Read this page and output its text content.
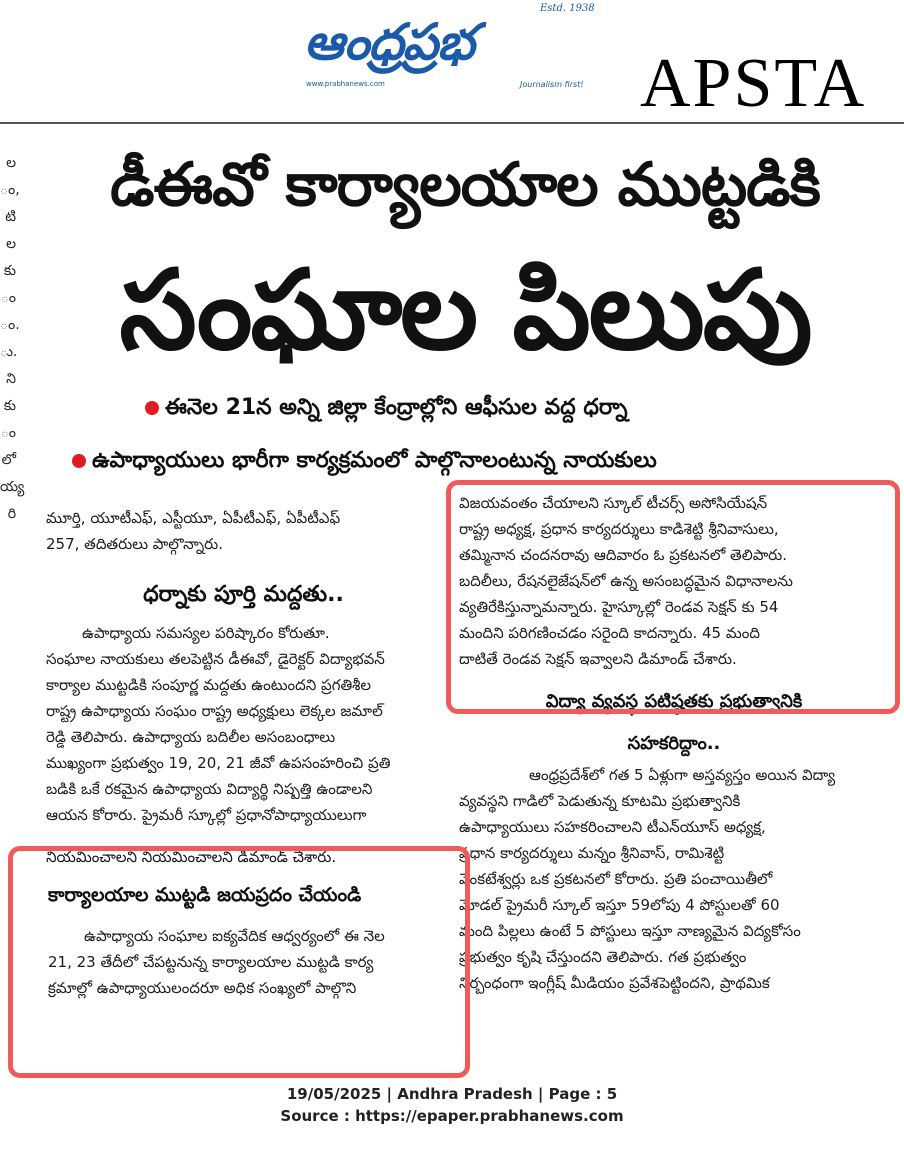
Estd. 1938
ఆంధ్రప్రభ
www.prabhanews.com	Journalism first! APSTA
ల
ం,
టి
ల
కు
ం
ం.
ు.
ని
కు
ం
లో
య్య
రి
డీఈవో కార్యాలయాల ముట్టడికి
సంఘాల పిలుపు
ఈనెల 21న అన్ని జిల్లా కేంద్రాల్లోని ఆఫీసుల వద్ద ధర్నా
ఉపాధ్యాయులు భారీగా కార్యక్రమంలో పాల్గొనాలంటున్న నాయకులు

మూర్తి, యూటీఎఫ్, ఎస్టీయూ, ఏపీటీఎఫ్, ఏపీటీఎఫ్

257, తదితరులు పాల్గొన్నారు.

ధర్నాకు పూర్తి మద్దతు..

ఉపాధ్యాయ సమస్యల పరిష్కారం కోరుతూ.

సంఘాల నాయకులు తలపెట్టిన డీఈవో, డైరెక్టర్ విద్యాభవన్

కార్యాల ముట్టడికి సంపూర్ణ మద్దతు ఉంటుందని ప్రగతిశీల

రాష్ట్ర ఉపాధ్యాయ సంఘం రాష్ట్ర అధ్యక్షులు లెక్కల జమాల్

రెడ్డి తెలిపారు. ఉపాధ్యాయ బదిలీల అసంబంధాలు

ముఖ్యంగా ప్రభుత్వం 19, 20, 21 జీవో ఉపసంహరించి ప్రతి

బడికి ఒకే రకమైన ఉపాధ్యాయ విద్యార్థి నిష్పత్తి ఉండాలని

ఆయన కోరారు. ప్రైమరీ స్కూల్లో ప్రధానోపాధ్యాయులుగా

నియమించాలని నియమించాలని డిమాండ్ చేశారు.
కార్యాలయాల ముట్టడి జయప్రదం చేయండి

ఉపాధ్యాయ సంఘాల ఐక్యవేదిక ఆధ్వర్యంలో ఈ నెల

21, 23 తేదీలో చేపట్టనున్న కార్యాలయాల ముట్టడి కార్య

క్రమాల్లో ఉపాధ్యాయులందరూ అధిక సంఖ్యలో పాల్గొని

విజయవంతం చేయాలని స్కూల్ టీచర్స్ అసోసియేషన్

రాష్ట్ర అధ్యక్ష, ప్రధాన కార్యదర్శులు కాడిశెట్టి శ్రీనివాసులు,

తమ్మినాన చందనరావు ఆదివారం ఓ ప్రకటనలో తెలిపారు.

బదిలీలు, రేషనలైజేషన్‌లో ఉన్న అసంబద్ధమైన విధానాలను

వ్యతిరేకిస్తున్నామన్నారు. హైస్కూల్లో రెండవ సెక్షన్ కు 54

మందిని పరిగణించడం సరైంది కాదన్నారు. 45 మంది

దాటితే రెండవ సెక్షన్ ఇవ్వాలని డిమాండ్ చేశారు.

విద్యా వ్యవస్థ పటిష్ఠతకు ప్రభుత్వానికి
సహకరిద్దాం..

ఆంధ్రప్రదేశ్‌లో గత 5 ఏళ్లుగా అస్తవ్యస్తం అయిన విద్యా

వ్యవస్థని గాడిలో పెడుతున్న కూటమి ప్రభుత్వానికి

ఉపాధ్యాయులు సహకరించాలని టీఎన్‌యూస్ అధ్యక్ష,

ప్రధాన కార్యదర్శులు మన్నం శ్రీనివాస్, రామిశెట్టి

వెంకటేశ్వర్లు ఒక ప్రకటనలో కోరారు. ప్రతి పంచాయితీలో

మోడల్ ప్రైమరీ స్కూల్ ఇస్తూ 59లోపు 4 పోస్టులతో 60

మంది పిల్లలు ఉంటే 5 పోస్టులు ఇస్తూ నాణ్యమైన విద్యకోసం

ప్రభుత్వం కృషి చేస్తుందని తెలిపారు. గత ప్రభుత్వం

నిర్బంధంగా ఇంగ్లీష్ మీడియం ప్రవేశపెట్టిందని, ప్రాథమిక

19/05/2025 | Andhra Pradesh | Page : 5
Source : https://epaper.prabhanews.com
